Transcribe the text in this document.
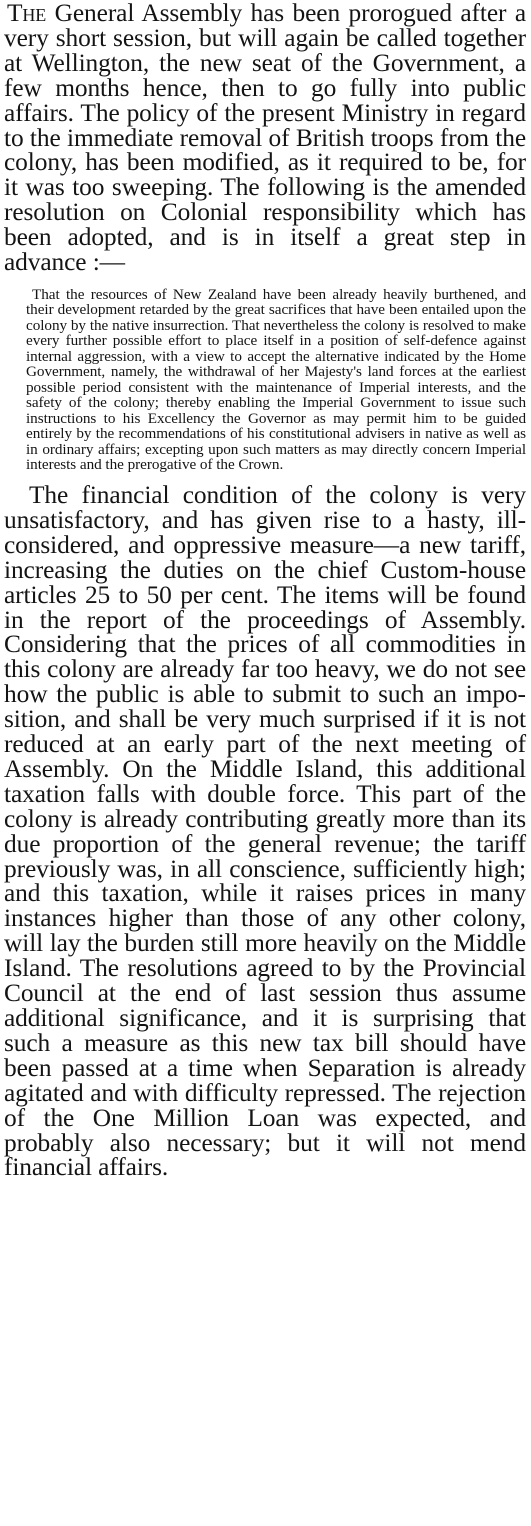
The General Assembly has been prorogued after a very short session, but will again be called together at Wellington, the new seat of the Government, a few months hence, then to go fully into public affairs. The policy of the present Ministry in regard to the immediate removal of British troops from the colony, has been modified, as it required to be, for it was too sweeping. The following is the amended resolution on Colonial responsibility which has been adopted, and is in itself a great step in advance :—

That the resources of New Zealand have been already heavily burthened, and their development retarded by the great sacrifices that have been entailed upon the colony by the native insurrection. That nevertheless the colony is resolved to make every further possible effort to place itself in a position of self-defence against internal aggression, with a view to accept the alternative indicated by the Home Government, namely, the withdrawal of her Majesty's land forces at the earliest possible period consistent with the maintenance of Imperial interests, and the safety of the colony; thereby enabling the Imperial Government to issue such instructions to his Excellency the Governor as may permit him to be guided entirely by the recommendations of his constitutional advisers in native as well as in ordinary affairs; excepting upon such matters as may directly concern Imperial interests and the prerogative of the Crown.

The financial condition of the colony is very unsatisfactory, and has given rise to a hasty, ill-considered, and oppressive measure—a new tariff, increasing the duties on the chief Custom-house articles 25 to 50 per cent. The items will be found in the report of the proceedings of Assembly. Considering that the prices of all commodities in this colony are already far too heavy, we do not see how the public is able to submit to such an imposition, and shall be very much surprised if it is not reduced at an early part of the next meeting of Assembly. On the Middle Island, this additional taxation falls with double force. This part of the colony is already contributing greatly more than its due proportion of the general revenue; the tariff previously was, in all conscience, sufficiently high; and this taxation, while it raises prices in many instances higher than those of any other colony, will lay the burden still more heavily on the Middle Island. The resolutions agreed to by the Provincial Council at the end of last session thus assume additional significance, and it is surprising that such a measure as this new tax bill should have been passed at a time when Separation is already agitated and with difficulty repressed. The rejection of the One Million Loan was expected, and probably also necessary; but it will not mend financial affairs.
